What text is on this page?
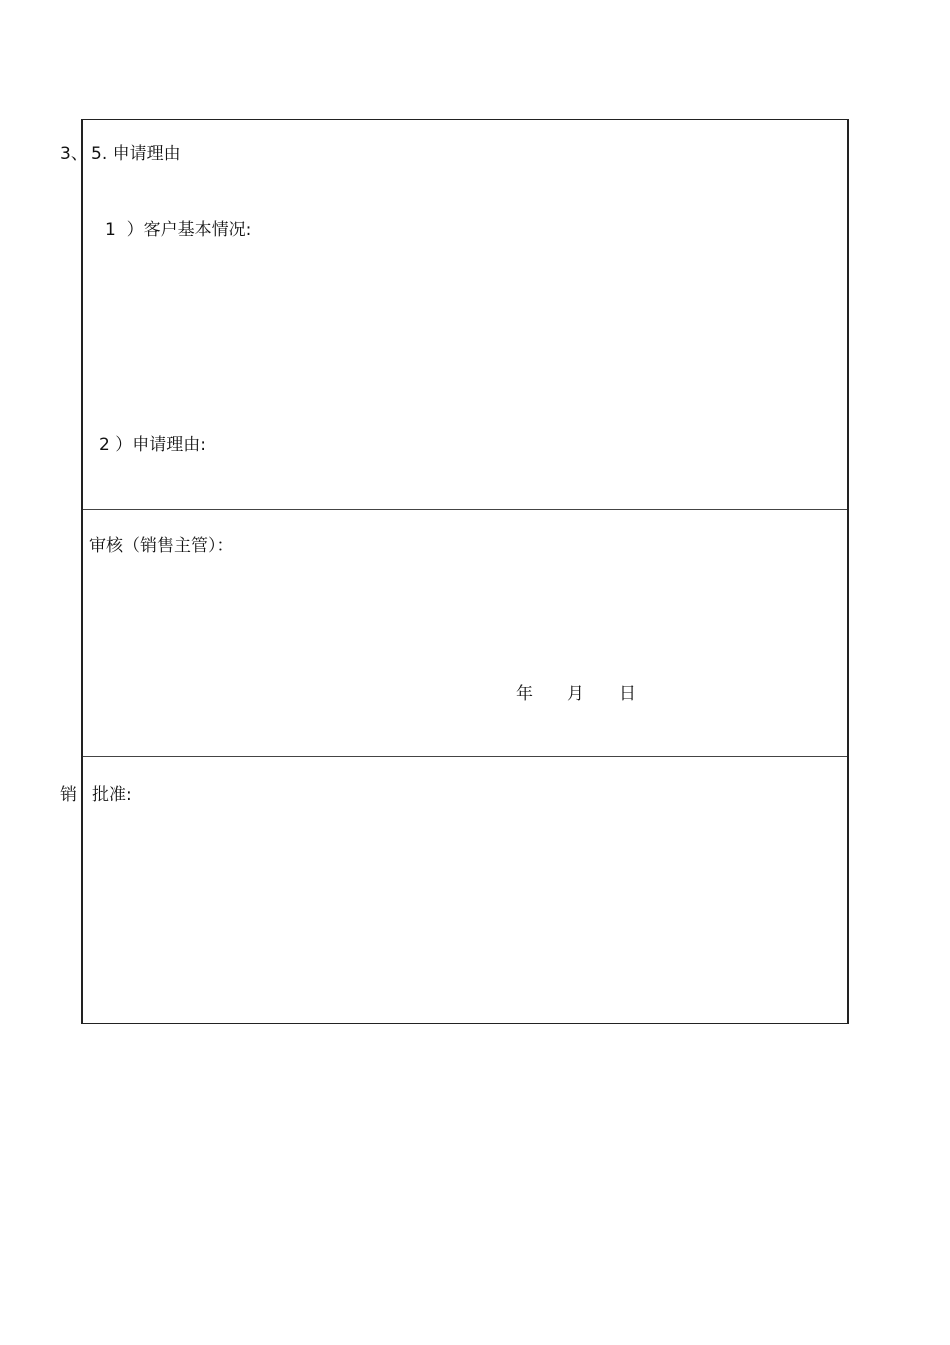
3、
销
5. 申请理由
1  ）客户基本情况:
2 ）申请理由:
审核（销售主管）：
年 月 日
批准:
